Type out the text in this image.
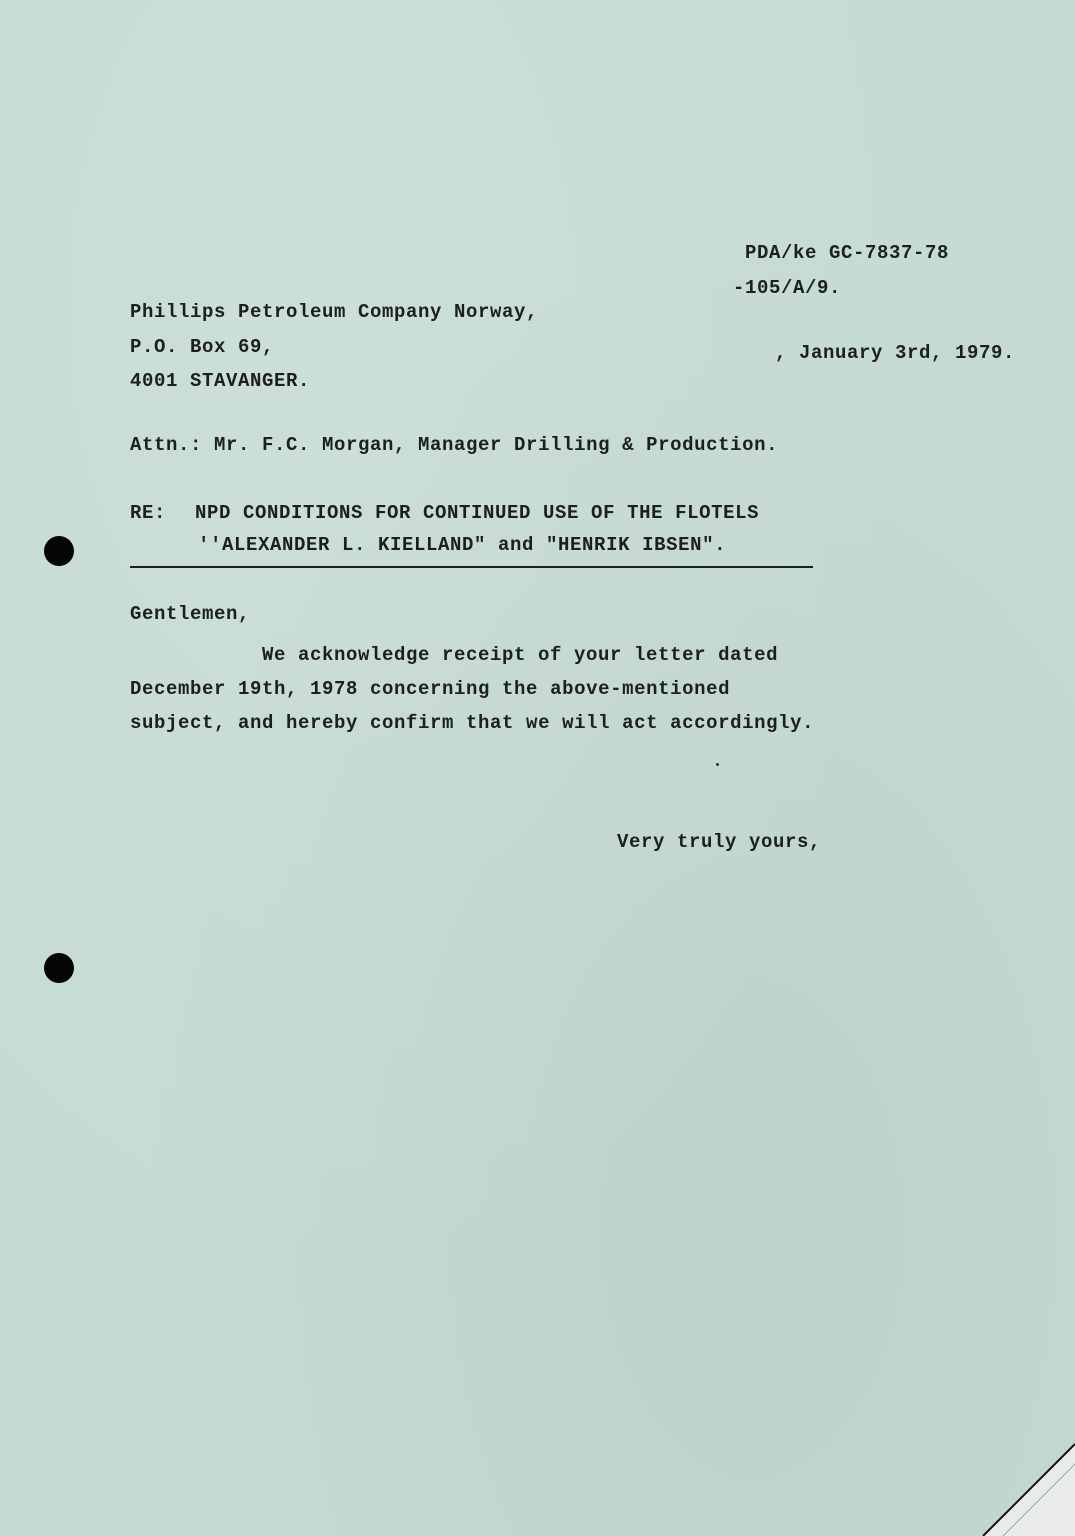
PDA/ke GC-7837-78
-105/A/9.
Phillips Petroleum Company Norway,
P.O. Box 69,	, January 3rd, 1979.
4001 STAVANGER.
Attn.: Mr. F.C. Morgan, Manager Drilling & Production.
RE: NPD CONDITIONS FOR CONTINUED USE OF THE FLOTELS
''ALEXANDER L. KIELLAND" and "HENRIK IBSEN".
Gentlemen,
We acknowledge receipt of your letter dated
December 19th, 1978 concerning the above-mentioned
subject, and hereby confirm that we will act accordingly.
Very truly yours,
